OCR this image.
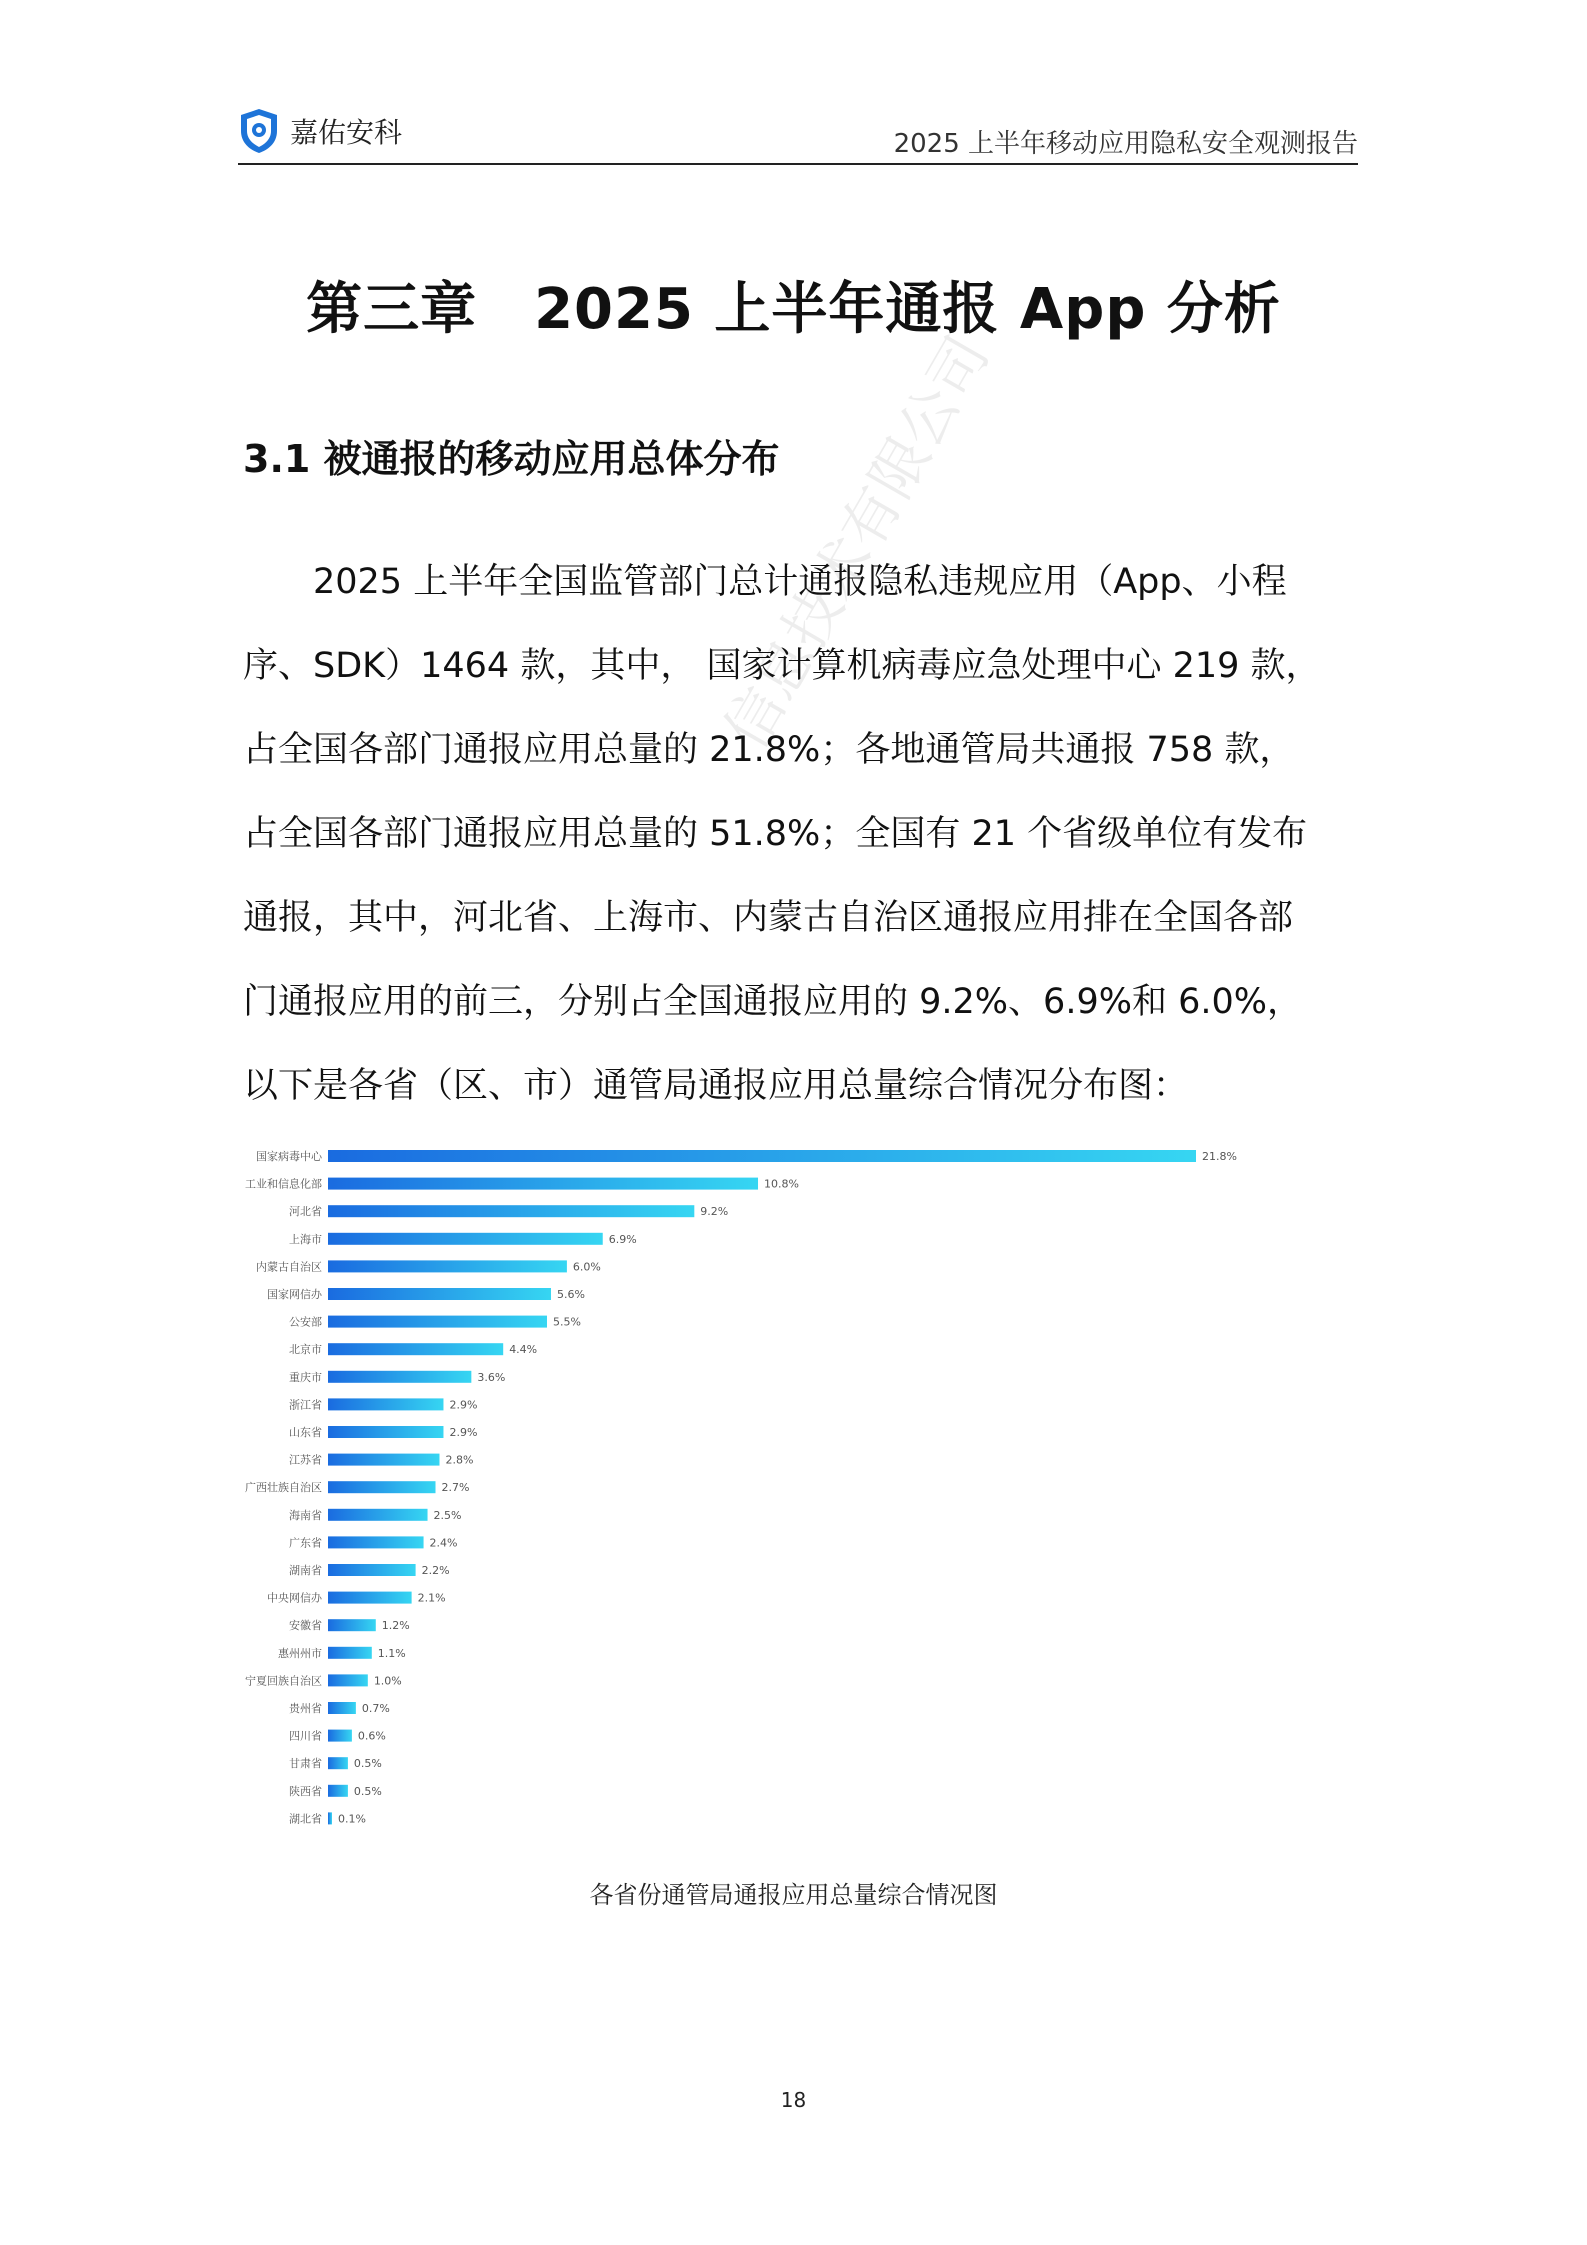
嘉佑安科	2025 上半年移动应用隐私安全观测报告
第三章　2025 上半年通报 App 分析
3.1 被通报的移动应用总体分布
信息技术有限公司
2025 上半年全国监管部门总计通报隐私违规应用（App、小程
序、SDK）1464 款，其中， 国家计算机病毒应急处理中心 219 款，
占全国各部门通报应用总量的 21.8%；各地通管局共通报 758 款，
占全国各部门通报应用总量的 51.8%；全国有 21 个省级单位有发布
通报，其中，河北省、上海市、内蒙古自治区通报应用排在全国各部
门通报应用的前三，分别占全国通报应用的 9.2%、6.9%和 6.0%，
以下是各省（区、市）通管局通报应用总量综合情况分布图：
国家病毒中心	21.8%
工业和信息化部	10.8%
河北省	9.2%
上海市	6.9%
内蒙古自治区	6.0%
国家网信办	5.6%
公安部	5.5%
北京市	4.4%
重庆市	3.6%
浙江省	2.9%
山东省	2.9%
江苏省	2.8%
广西壮族自治区	2.7%
海南省	2.5%
广东省	2.4%
湖南省	2.2%
中央网信办	2.1%
安徽省	1.2%
惠州州市	1.1%
宁夏回族自治区	1.0%
贵州省	0.7%
四川省	0.6%
甘肃省	0.5%
陕西省	0.5%
湖北省 0.1%
各省份通管局通报应用总量综合情况图
18
